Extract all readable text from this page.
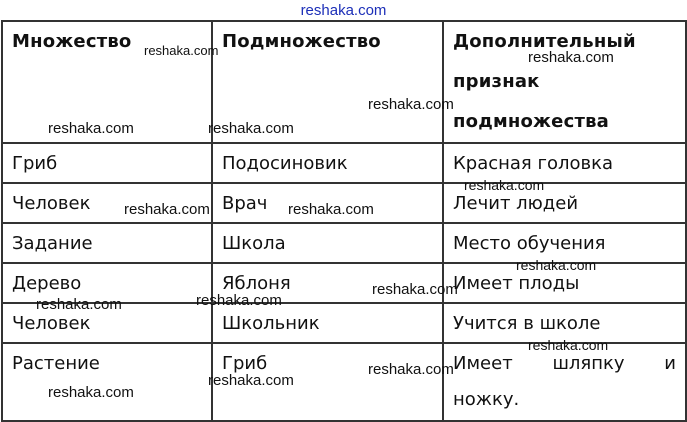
reshaka.com
Множество	Подмножество	Дополнительный признак подмножества
Гриб	Подосиновик	Красная головка
Человек	Врач	Лечит людей
Задание	Школа	Место обучения
Дерево	Яблоня	Имеет плоды
Человек	Школьник	Учится в школе
Растение	Гриб	Имеет шляпку и ножку.
reshaka.com	reshaka.com
reshaka.com
reshaka.com	reshaka.com
reshaka.com
reshaka.com	reshaka.com
reshaka.com
reshaka.com	reshaka.com
reshaka.com
reshaka.com
reshaka.com
reshaka.com
reshaka.com
